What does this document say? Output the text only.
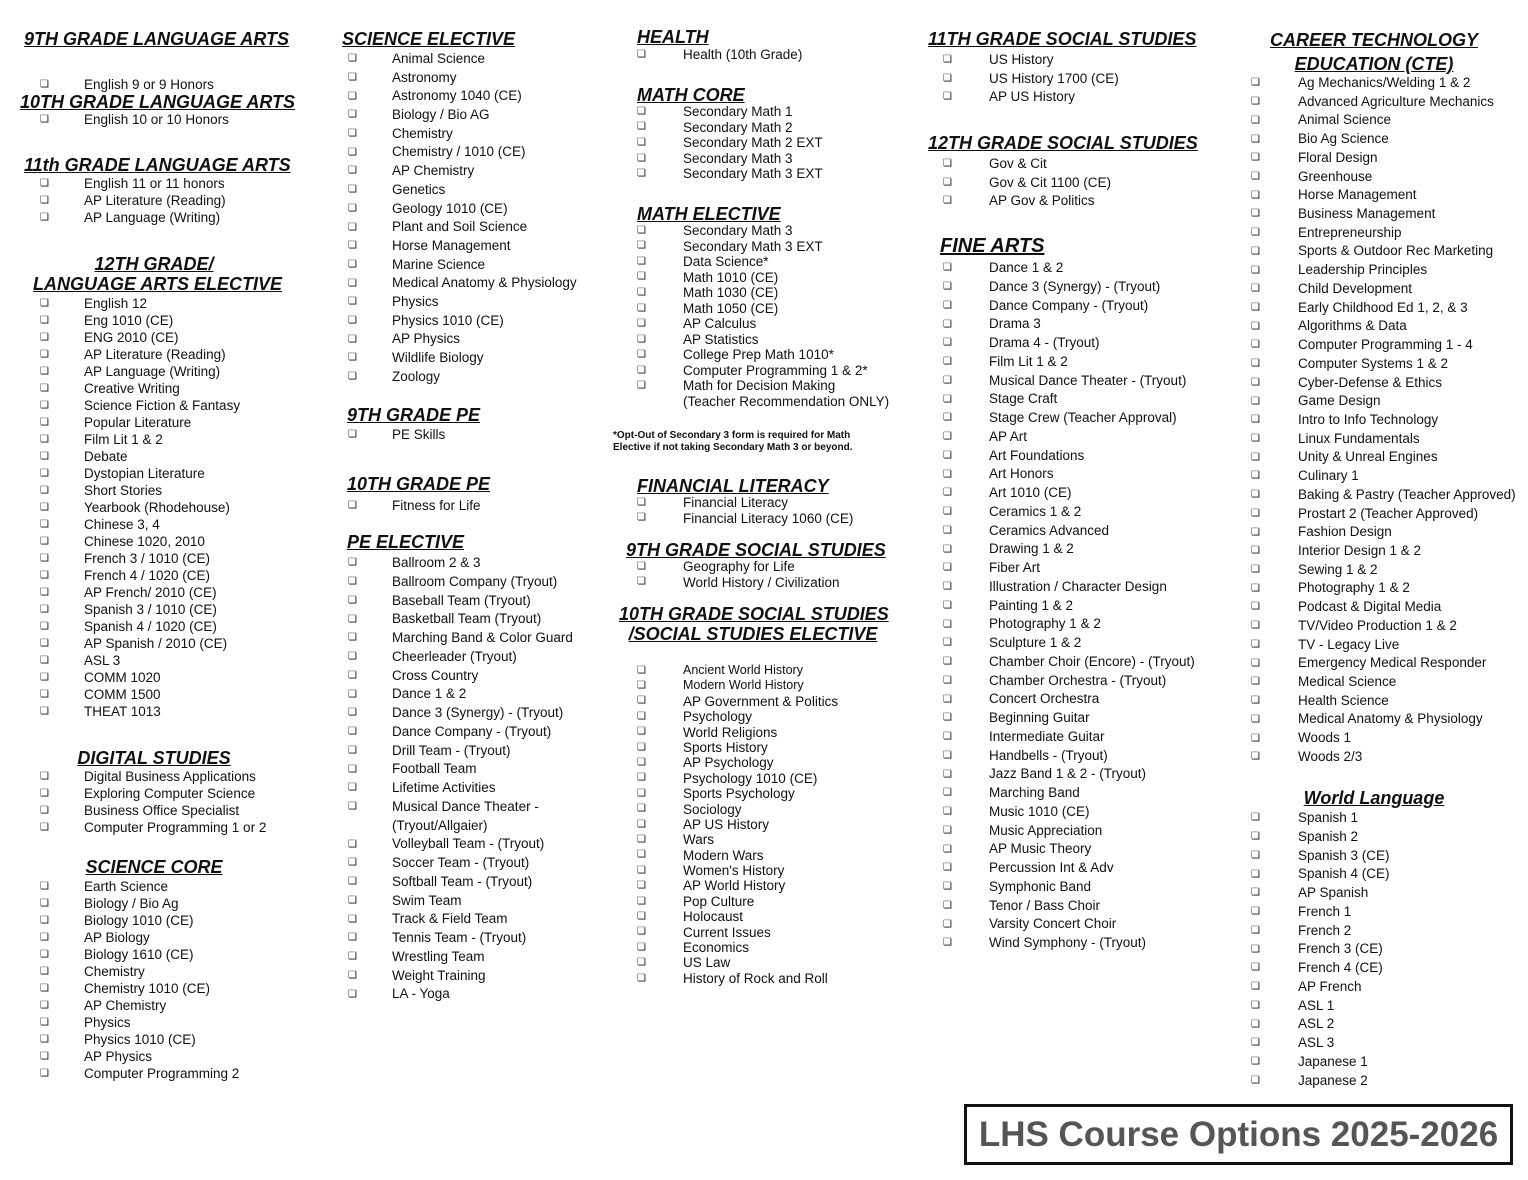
9TH GRADE LANGUAGE ARTS
❏	English 9 or 9 Honors
10TH GRADE LANGUAGE ARTS
❏	English 10 or 10 Honors
11th GRADE LANGUAGE ARTS
❏	English 11 or 11 honors
❏	AP Literature (Reading)
❏	AP Language (Writing)
12TH GRADE/
LANGUAGE ARTS ELECTIVE
❏	English 12
❏	Eng 1010 (CE)
❏	ENG 2010 (CE)
❏	AP Literature (Reading)
❏	AP Language (Writing)
❏	Creative Writing
❏	Science Fiction & Fantasy
❏	Popular Literature
❏	Film Lit 1 & 2
❏	Debate
❏	Dystopian Literature
❏	Short Stories
❏	Yearbook (Rhodehouse)
❏	Chinese 3, 4
❏	Chinese 1020, 2010
❏	French 3 / 1010 (CE)
❏	French 4 / 1020 (CE)
❏	AP French/ 2010 (CE)
❏	Spanish 3 / 1010 (CE)
❏	Spanish 4 / 1020 (CE)
❏	AP Spanish / 2010 (CE)
❏	ASL 3
❏	COMM 1020
❏	COMM 1500
❏	THEAT 1013
DIGITAL STUDIES
❏	Digital Business Applications
❏	Exploring Computer Science
❏	Business Office Specialist
❏	Computer Programming 1 or 2
SCIENCE CORE
❏	Earth Science
❏	Biology / Bio Ag
❏	Biology 1010 (CE)
❏	AP Biology
❏	Biology 1610 (CE)
❏	Chemistry
❏	Chemistry 1010 (CE)
❏	AP Chemistry
❏	Physics
❏	Physics 1010 (CE)
❏	AP Physics
❏	Computer Programming 2
SCIENCE ELECTIVE
❏	Animal Science
❏	Astronomy
❏	Astronomy 1040 (CE)
❏	Biology / Bio AG
❏	Chemistry
❏	Chemistry / 1010 (CE)
❏	AP Chemistry
❏	Genetics
❏	Geology 1010 (CE)
❏	Plant and Soil Science
❏	Horse Management
❏	Marine Science
❏	Medical Anatomy & Physiology
❏	Physics
❏	Physics 1010 (CE)
❏	AP Physics
❏	Wildlife Biology
❏	Zoology
9TH GRADE PE
❏	PE Skills
10TH GRADE PE
❏	Fitness for Life
PE ELECTIVE
❏	Ballroom 2 & 3
❏	Ballroom Company (Tryout)
❏	Baseball Team (Tryout)
❏	Basketball Team (Tryout)
❏	Marching Band & Color Guard
❏	Cheerleader (Tryout)
❏	Cross Country
❏	Dance 1 & 2
❏	Dance 3 (Synergy) - (Tryout)
❏	Dance Company - (Tryout)
❏	Drill Team - (Tryout)
❏	Football Team
❏	Lifetime Activities
❏	Musical Dance Theater -
(Tryout/Allgaier)
❏	Volleyball Team - (Tryout)
❏	Soccer Team - (Tryout)
❏	Softball Team - (Tryout)
❏	Swim Team
❏	Track & Field Team
❏	Tennis Team - (Tryout)
❏	Wrestling Team
❏	Weight Training
❏	LA - Yoga
HEALTH
❏	Health (10th Grade)
MATH CORE
❏	Secondary Math 1
❏	Secondary Math 2
❏	Secondary Math 2 EXT
❏	Secondary Math 3
❏	Secondary Math 3 EXT
MATH ELECTIVE
❏	Secondary Math 3
❏	Secondary Math 3 EXT
❏	Data Science*
❏	Math 1010 (CE)
❏	Math 1030 (CE)
❏	Math 1050 (CE)
❏	AP Calculus
❏	AP Statistics
❏	College Prep Math 1010*
❏	Computer Programming 1 & 2*
❏	Math for Decision Making
(Teacher Recommendation ONLY)
FINANCIAL LITERACY
❏	Financial Literacy
❏	Financial Literacy 1060 (CE)
9TH GRADE SOCIAL STUDIES
❏	Geography for Life
❏	World History / Civilization
10TH GRADE SOCIAL STUDIES
/SOCIAL STUDIES ELECTIVE
❏	Ancient World History
❏	Modern World History
❏	AP Government & Politics
❏	Psychology
❏	World Religions
❏	Sports History
❏	AP Psychology
❏	Psychology 1010 (CE)
❏	Sports Psychology
❏	Sociology
❏	AP US History
❏	Wars
❏	Modern Wars
❏	Women's History
❏	AP World History
❏	Pop Culture
❏	Holocaust
❏	Current Issues
❏	Economics
❏	US Law
❏	History of Rock and Roll
11TH GRADE SOCIAL STUDIES
❏	US History
❏	US History 1700 (CE)
❏	AP US History
12TH GRADE SOCIAL STUDIES
❏	Gov & Cit
❏	Gov & Cit 1100 (CE)
❏	AP Gov & Politics
FINE ARTS
❏	Dance 1 & 2
❏	Dance 3 (Synergy) - (Tryout)
❏	Dance Company - (Tryout)
❏	Drama 3
❏	Drama 4 - (Tryout)
❏	Film Lit 1 & 2
❏	Musical Dance Theater - (Tryout)
❏	Stage Craft
❏	Stage Crew (Teacher Approval)
❏	AP Art
❏	Art Foundations
❏	Art Honors
❏	Art 1010 (CE)
❏	Ceramics 1 & 2
❏	Ceramics Advanced
❏	Drawing 1 & 2
❏	Fiber Art
❏	Illustration / Character Design
❏	Painting 1 & 2
❏	Photography 1 & 2
❏	Sculpture 1 & 2
❏	Chamber Choir (Encore) - (Tryout)
❏	Chamber Orchestra - (Tryout)
❏	Concert Orchestra
❏	Beginning Guitar
❏	Intermediate Guitar
❏	Handbells - (Tryout)
❏	Jazz Band 1 & 2 - (Tryout)
❏	Marching Band
❏	Music 1010 (CE)
❏	Music Appreciation
❏	AP Music Theory
❏	Percussion Int & Adv
❏	Symphonic Band
❏	Tenor / Bass Choir
❏	Varsity Concert Choir
❏	Wind Symphony - (Tryout)
CAREER TECHNOLOGY
EDUCATION (CTE)
❏	Ag Mechanics/Welding 1 & 2
❏	Advanced Agriculture Mechanics
❏	Animal Science
❏	Bio Ag Science
❏	Floral Design
❏	Greenhouse
❏	Horse Management
❏	Business Management
❏	Entrepreneurship
❏	Sports & Outdoor Rec Marketing
❏	Leadership Principles
❏	Child Development
❏	Early Childhood Ed 1, 2, & 3
❏	Algorithms & Data
❏	Computer Programming 1 - 4
❏	Computer Systems 1 & 2
❏	Cyber-Defense & Ethics
❏	Game Design
❏	Intro to Info Technology
❏	Linux Fundamentals
❏	Unity & Unreal Engines
❏	Culinary 1
❏	Baking & Pastry (Teacher Approved)
❏	Prostart 2 (Teacher Approved)
❏	Fashion Design
❏	Interior Design 1 & 2
❏	Sewing 1 & 2
❏	Photography 1 & 2
❏	Podcast & Digital Media
❏	TV/Video Production 1 & 2
❏	TV - Legacy Live
❏	Emergency Medical Responder
❏	Medical Science
❏	Health Science
❏	Medical Anatomy & Physiology
❏	Woods 1
❏	Woods 2/3
World Language
❏	Spanish 1
❏	Spanish 2
❏	Spanish 3 (CE)
❏	Spanish 4 (CE)
❏	AP Spanish
❏	French 1
❏	French 2
❏	French 3 (CE)
❏	French 4 (CE)
❏	AP French
❏	ASL 1
❏	ASL 2
❏	ASL 3
❏	Japanese 1
❏	Japanese 2
*Opt-Out of Secondary 3 form is required for Math
Elective if not taking Secondary Math 3 or beyond.
LHS Course Options 2025-2026
